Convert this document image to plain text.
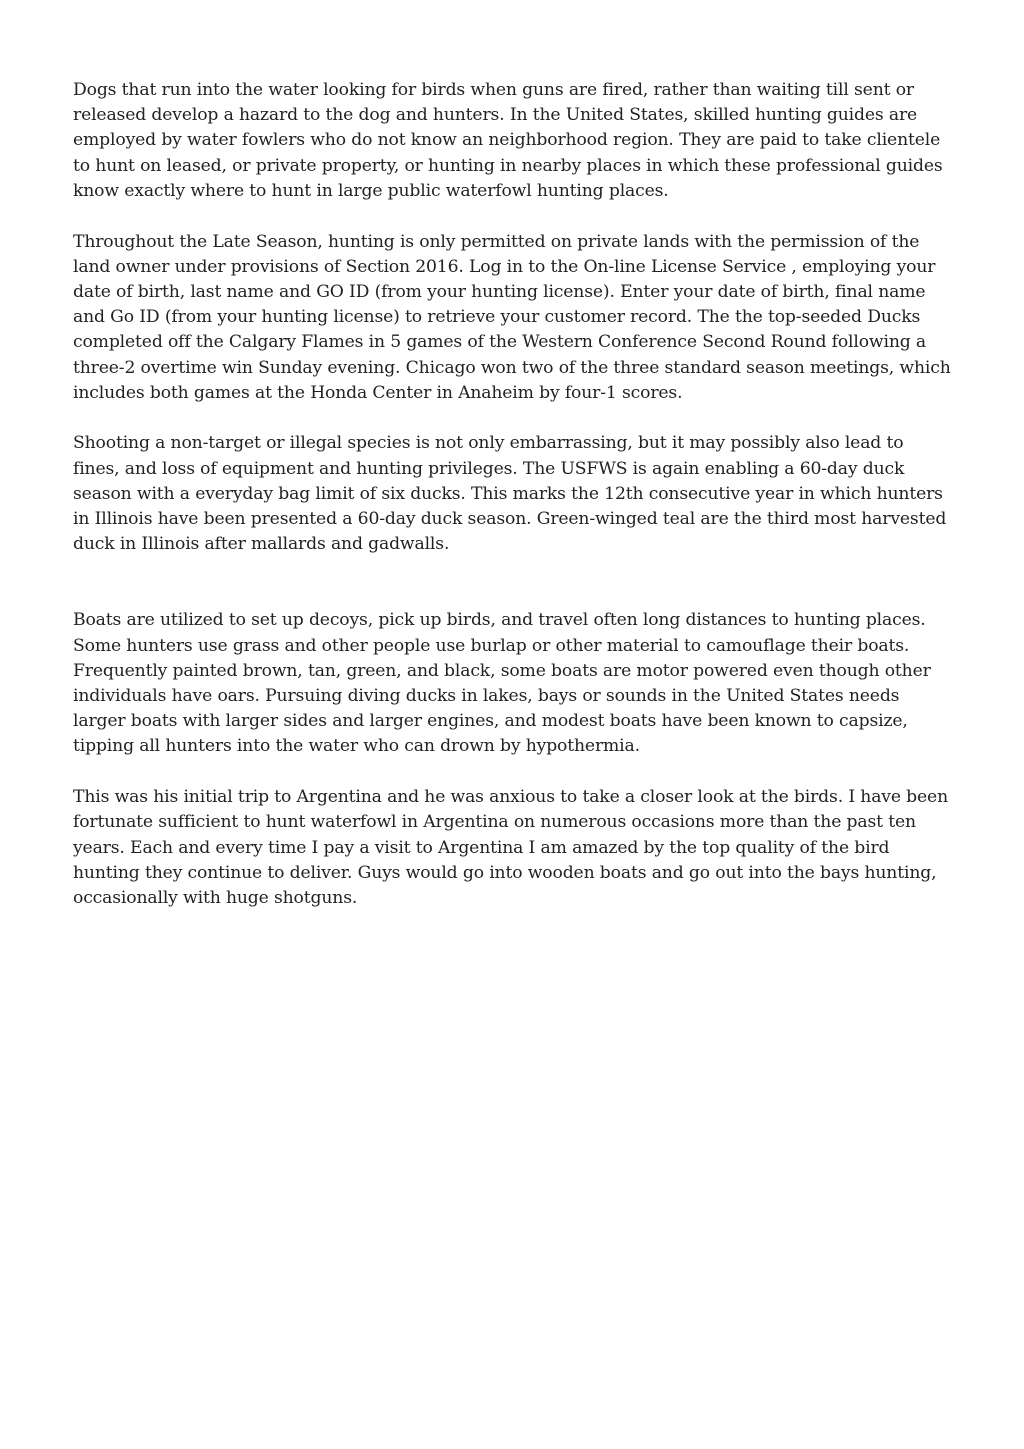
Dogs that run into the water looking for birds when guns are fired, rather than waiting till sent or released develop a hazard to the dog and hunters. In the United States, skilled hunting guides are employed by water fowlers who do not know an neighborhood region. They are paid to take clientele to hunt on leased, or private property, or hunting in nearby places in which these professional guides know exactly where to hunt in large public waterfowl hunting places.

Throughout the Late Season, hunting is only permitted on private lands with the permission of the land owner under provisions of Section 2016. Log in to the On-line License Service , employing your date of birth, last name and GO ID (from your hunting license). Enter your date of birth, final name and Go ID (from your hunting license) to retrieve your customer record. The the top-seeded Ducks completed off the Calgary Flames in 5 games of the Western Conference Second Round following a three-2 overtime win Sunday evening. Chicago won two of the three standard season meetings, which includes both games at the Honda Center in Anaheim by four-1 scores.

Shooting a non-target or illegal species is not only embarrassing, but it may possibly also lead to fines, and loss of equipment and hunting privileges. The USFWS is again enabling a 60-day duck season with a everyday bag limit of six ducks. This marks the 12th consecutive year in which hunters in Illinois have been presented a 60-day duck season. Green-winged teal are the third most harvested duck in Illinois after mallards and gadwalls.

Boats are utilized to set up decoys, pick up birds, and travel often long distances to hunting places. Some hunters use grass and other people use burlap or other material to camouflage their boats. Frequently painted brown, tan, green, and black, some boats are motor powered even though other individuals have oars. Pursuing diving ducks in lakes, bays or sounds in the United States needs larger boats with larger sides and larger engines, and modest boats have been known to capsize, tipping all hunters into the water who can drown by hypothermia.

This was his initial trip to Argentina and he was anxious to take a closer look at the birds. I have been fortunate sufficient to hunt waterfowl in Argentina on numerous occasions more than the past ten years. Each and every time I pay a visit to Argentina I am amazed by the top quality of the bird hunting they continue to deliver. Guys would go into wooden boats and go out into the bays hunting, occasionally with huge shotguns.
